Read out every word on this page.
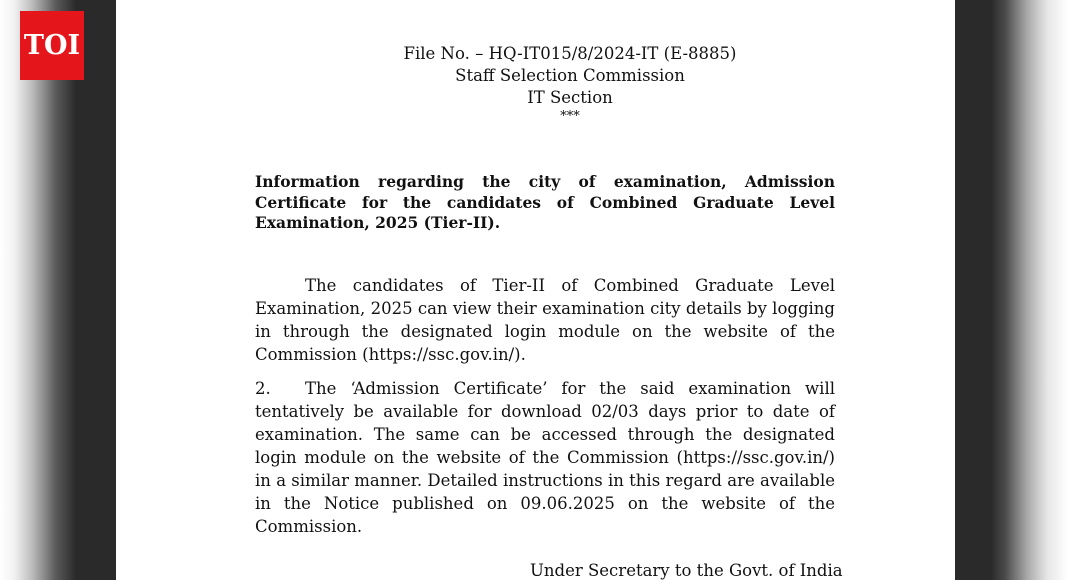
TOI	File No. – HQ-IT015/8/2024-IT (E-8885)
Staff Selection Commission
IT Section
***
Information regarding the city of examination, Admission Certificate for the candidates of Combined Graduate Level Examination, 2025 (Tier-II).
The candidates of Tier-II of Combined Graduate Level Examination, 2025 can view their examination city details by logging in through the designated login module on the website of the Commission (https://ssc.gov.in/).
2. The ‘Admission Certificate’ for the said examination will tentatively be available for download 02/03 days prior to date of examination. The same can be accessed through the designated login module on the website of the Commission (https://ssc.gov.in/) in a similar manner. Detailed instructions in this regard are available in the Notice published on 09.06.2025 on the website of the Commission.
Under Secretary to the Govt. of India
